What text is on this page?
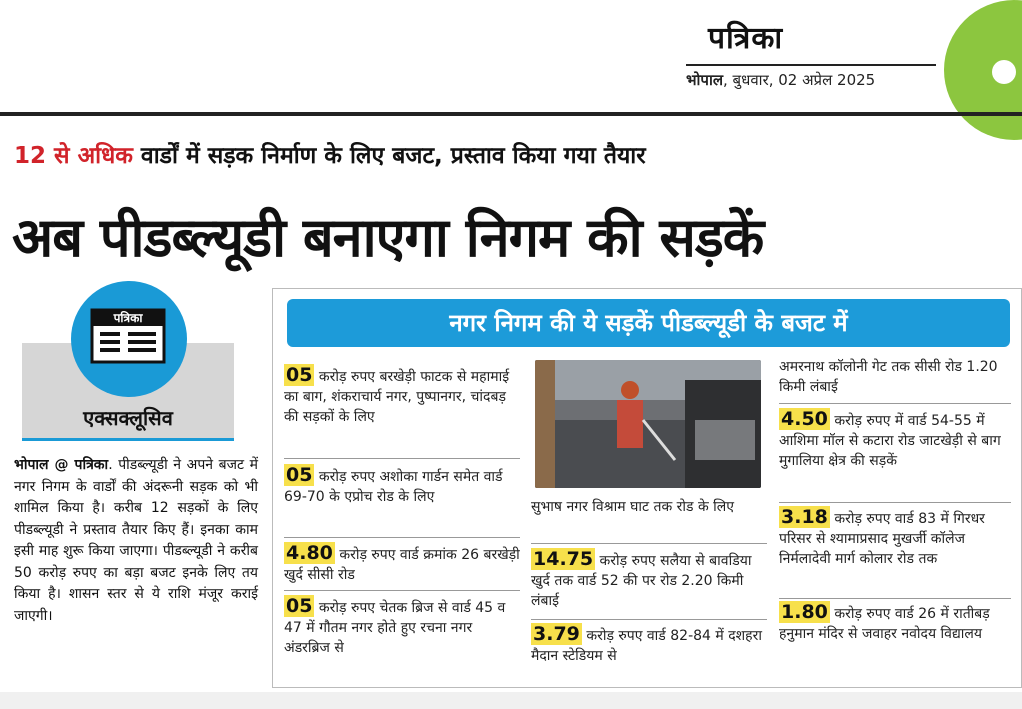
पत्रिका
भोपाल, बुधवार, 02 अप्रेल 2025
12 से अधिक वार्डों में सड़क निर्माण के लिए बजट, प्रस्ताव किया गया तैयार
अब पीडब्ल्यूडी बनाएगा निगम की सड़कें
पत्रिका
एक्सक्लूसिव
भोपाल @ पत्रिका. पीडब्ल्यूडी ने अपने बजट में नगर निगम के वार्डों की अंदरूनी सड़क को भी शामिल किया है। करीब 12 सड़कों के लिए पीडब्ल्यूडी ने प्रस्ताव तैयार किए हैं। इनका काम इसी माह शुरू किया जाएगा। पीडब्ल्यूडी ने करीब 50 करोड़ रुपए का बड़ा बजट इनके लिए तय किया है। शासन स्तर से ये राशि मंजूर कराई जाएगी।
नगर निगम की ये सड़कें पीडब्ल्यूडी के बजट में
05 करोड़ रुपए बरखेड़ी फाटक से महामाई का बाग, शंकराचार्य नगर, पुष्पानगर, चांदबड़ की सड़कों के लिए
05 करोड़ रुपए अशोका गार्डन समेत वार्ड 69-70 के एप्रोच रोड के लिए
4.80 करोड़ रुपए वार्ड क्रमांक 26 बरखेड़ी खुर्द सीसी रोड
05 करोड़ रुपए चेतक ब्रिज से वार्ड 45 व 47 में गौतम नगर होते हुए रचना नगर अंडरब्रिज से
सुभाष नगर विश्राम घाट तक रोड के लिए
14.75 करोड़ रुपए सलैया से बावडिया खुर्द तक वार्ड 52 की पर रोड 2.20 किमी लंबाई
3.79 करोड़ रुपए वार्ड 82-84 में दशहरा मैदान स्टेडियम से
अमरनाथ कॉलोनी गेट तक सीसी रोड 1.20 किमी लंबाई
4.50 करोड़ रुपए में वार्ड 54-55 में आशिमा मॉल से कटारा रोड जाटखेड़ी से बाग मुगालिया क्षेत्र की सड़कें
3.18 करोड़ रुपए वार्ड 83 में गिरधर परिसर से श्यामाप्रसाद मुखर्जी कॉलेज निर्मलादेवी मार्ग कोलार रोड तक
1.80 करोड़ रुपए वार्ड 26 में रातीबड़ हनुमान मंदिर से जवाहर नवोदय विद्यालय
